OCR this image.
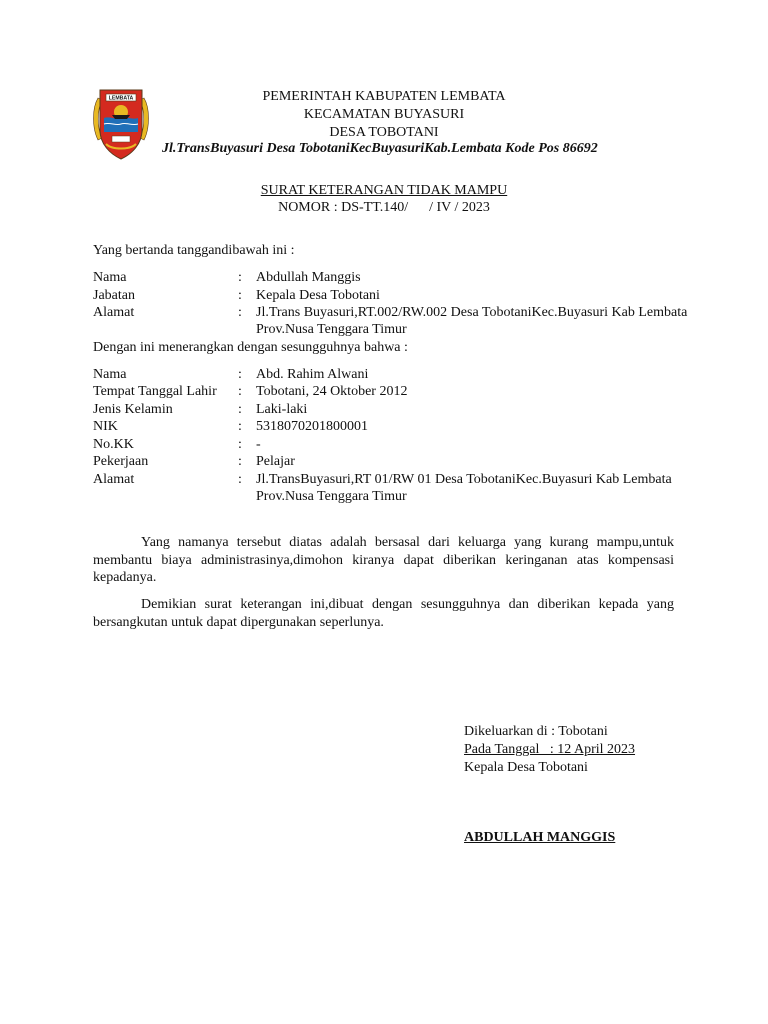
LEMBATA	PEMERINTAH KABUPATEN LEMBATA
KECAMATAN BUYASURI
DESA TOBOTANI
Jl.TransBuyasuri Desa TobotaniKecBuyasuriKab.Lembata Kode Pos 86692
SURAT KETERANGAN TIDAK MAMPU
NOMOR : DS-TT.140/      / IV / 2023
Yang bertanda tanggandibawah ini :
Nama	: Abdullah Manggis
Jabatan	: Kepala Desa Tobotani
Alamat	: Jl.Trans Buyasuri,RT.002/RW.002 Desa TobotaniKec.Buyasuri Kab Lembata
Prov.Nusa Tenggara Timur
Dengan ini menerangkan dengan sesungguhnya bahwa :
Nama	: Abd. Rahim Alwani
Tempat Tanggal Lahir : Tobotani, 24 Oktober 2012
Jenis Kelamin	: Laki-laki
NIK	: 5318070201800001
No.KK	: -
Pekerjaan	: Pelajar
Alamat	: Jl.TransBuyasuri,RT 01/RW 01 Desa TobotaniKec.Buyasuri Kab Lembata
Prov.Nusa Tenggara Timur
Yang namanya tersebut diatas adalah bersasal dari keluarga yang kurang mampu,untuk membantu biaya administrasinya,dimohon kiranya dapat diberikan keringanan atas kompensasi kepadanya.
Demikian surat keterangan ini,dibuat dengan sesungguhnya dan diberikan kepada yang bersangkutan untuk dapat dipergunakan seperlunya.
Dikeluarkan di : Tobotani
Pada Tanggal   : 12 April 2023
Kepala Desa Tobotani
ABDULLAH MANGGIS
